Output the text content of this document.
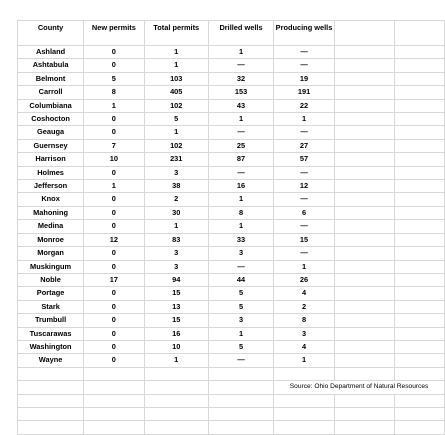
County	New permits	Total permits	Drilled wells	Producing wells		
Ashland	0	1	1	—		
Ashtabula	0	1	—	—		
Belmont	5	103	32	19		
Carroll	8	405	153	191		
Columbiana	1	102	43	22		
Coshocton	0	5	1	1		
Geauga	0	1	—	—		
Guernsey	7	102	25	27		
Harrison	10	231	87	57		
Holmes	0	3	—	—		
Jefferson	1	38	16	12		
Knox	0	2	1	—		
Mahoning	0	30	8	6		
Medina	0	1	1	—		
Monroe	12	83	33	15		
Morgan	0	3	3	—		
Muskingum	0	3	—	1		
Noble	17	94	44	26		
Portage	0	15	5	4		
Stark	0	13	5	2		
Trumbull	0	15	3	8		
Tuscarawas	0	16	1	3		
Washington	0	10	5	4		
Wayne	0	1	—	1		

				Source: Ohio Department of Natural Resources		
